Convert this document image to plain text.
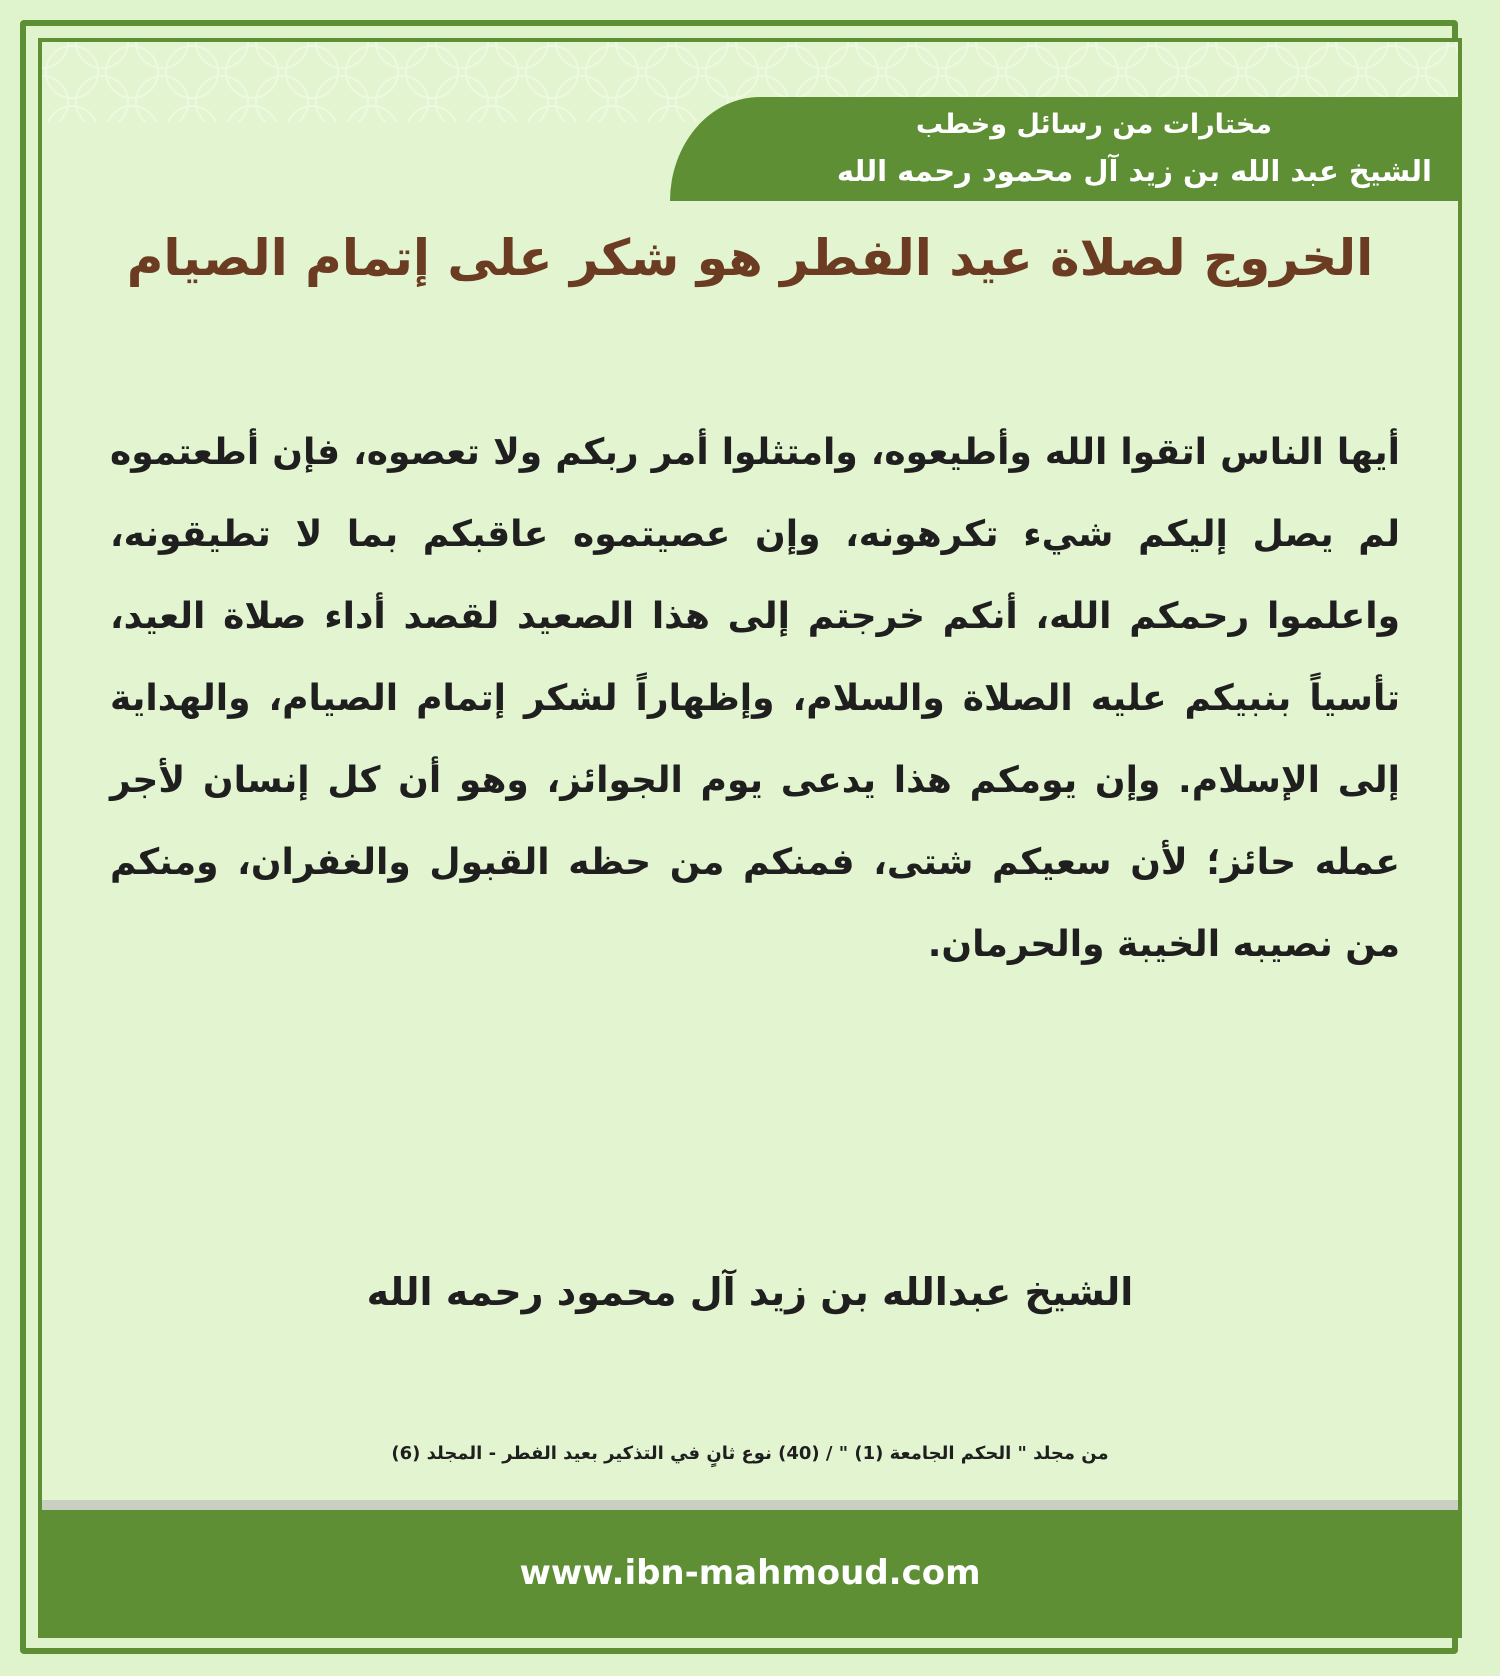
مختارات من رسائل وخطب
الشيخ عبد الله بن زيد آل محمود رحمه الله
الخروج لصلاة عيد الفطر هو شكر على إتمام الصيام
أيها الناس اتقوا الله وأطيعوه، وامتثلوا أمر ربكم ولا تعصوه، فإن أطعتموه لم يصل إليكم شيء تكرهونه، وإن عصيتموه عاقبكم بما لا تطيقونه، واعلموا رحمكم الله، أنكم خرجتم إلى هذا الصعيد لقصد أداء صلاة العيد، تأسياً بنبيكم عليه الصلاة والسلام، وإظهاراً لشكر إتمام الصيام، والهداية إلى الإسلام. وإن يومكم هذا يدعى يوم الجوائز، وهو أن كل إنسان لأجر عمله حائز؛ لأن سعيكم شتى، فمنكم من حظه القبول والغفران، ومنكم من نصيبه الخيبة والحرمان.
الشيخ عبدالله بن زيد آل محمود رحمه الله
من مجلد " الحكم الجامعة (1) " / (40) نوع ثانٍ في التذكير بعيد الفطر - المجلد (6)
www.ibn-mahmoud.com
